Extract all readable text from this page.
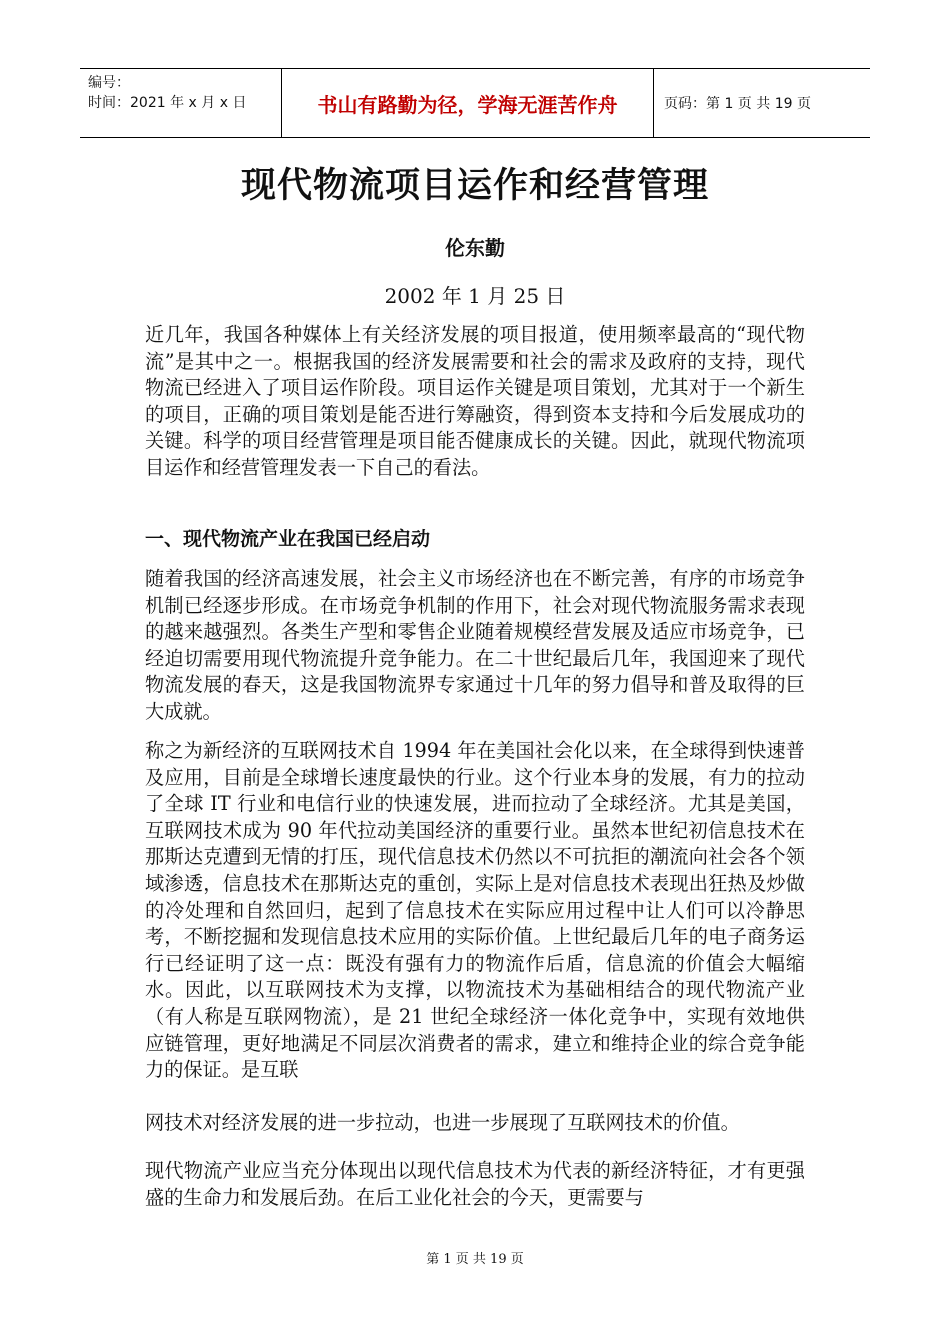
编号：
时间：2021 年 x 月 x 日	书山有路勤为径，学海无涯苦作舟	页码：第 1 页 共 19 页
现代物流项目运作和经营管理
伦东勤
2002 年 1 月 25 日

近几年，我国各种媒体上有关经济发展的项目报道，使用频率最高的“现代物流”是其中之一。根据我国的经济发展需要和社会的需求及政府的支持，现代物流已经进入了项目运作阶段。项目运作关键是项目策划，尤其对于一个新生的项目，正确的项目策划是能否进行筹融资，得到资本支持和今后发展成功的关键。科学的项目经营管理是项目能否健康成长的关键。因此，就现代物流项目运作和经营管理发表一下自己的看法。

一、现代物流产业在我国已经启动

随着我国的经济高速发展，社会主义市场经济也在不断完善，有序的市场竞争机制已经逐步形成。在市场竞争机制的作用下，社会对现代物流服务需求表现的越来越强烈。各类生产型和零售企业随着规模经营发展及适应市场竞争，已经迫切需要用现代物流提升竞争能力。在二十世纪最后几年，我国迎来了现代物流发展的春天，这是我国物流界专家通过十几年的努力倡导和普及取得的巨大成就。

称之为新经济的互联网技术自 1994 年在美国社会化以来，在全球得到快速普及应用，目前是全球增长速度最快的行业。这个行业本身的发展，有力的拉动了全球 IT 行业和电信行业的快速发展，进而拉动了全球经济。尤其是美国，互联网技术成为 90 年代拉动美国经济的重要行业。虽然本世纪初信息技术在那斯达克遭到无情的打压，现代信息技术仍然以不可抗拒的潮流向社会各个领域渗透，信息技术在那斯达克的重创，实际上是对信息技术表现出狂热及炒做的冷处理和自然回归，起到了信息技术在实际应用过程中让人们可以冷静思考，不断挖掘和发现信息技术应用的实际价值。上世纪最后几年的电子商务运行已经证明了这一点：既没有强有力的物流作后盾，信息流的价值会大幅缩水。因此，以互联网技术为支撑，以物流技术为基础相结合的现代物流产业（有人称是互联网物流），是 21 世纪全球经济一体化竞争中，实现有效地供应链管理，更好地满足不同层次消费者的需求，建立和维持企业的综合竞争能力的保证。是互联

网技术对经济发展的进一步拉动，也进一步展现了互联网技术的价值。

现代物流产业应当充分体现出以现代信息技术为代表的新经济特征，才有更强盛的生命力和发展后劲。在后工业化社会的今天，更需要与

第 1 页 共 19 页
